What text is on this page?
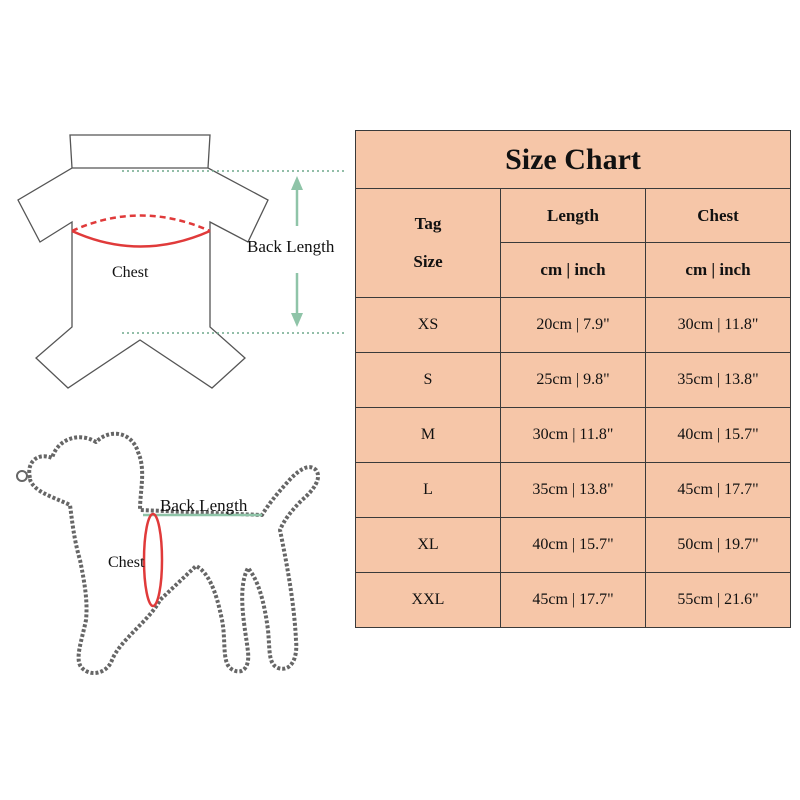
Chest
Back Length
Back Length
Chest
Size Chart		
Tag
Size	Length	Chest
	cm | inch	cm | inch
XS	20cm | 7.9"	30cm | 11.8"
S	25cm | 9.8"	35cm | 13.8"
M	30cm | 11.8"	40cm | 15.7"
L	35cm | 13.8"	45cm | 17.7"
XL	40cm | 15.7"	50cm | 19.7"
XXL	45cm | 17.7"	55cm | 21.6"
